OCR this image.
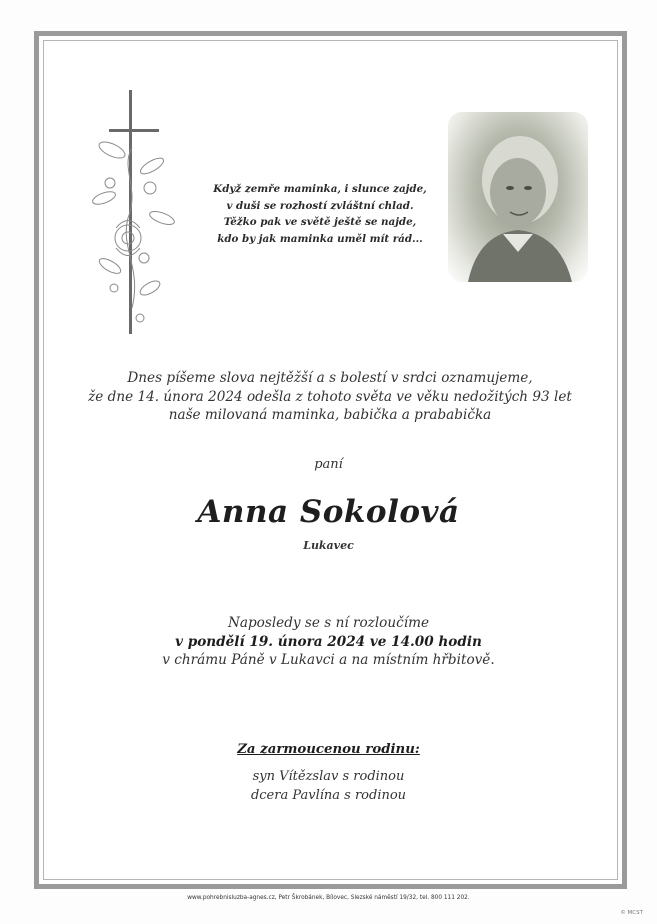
Když zemře maminka, i slunce zajde,
v duši se rozhostí zvláštní chlad.
Těžko pak ve světě ještě se najde,
kdo by jak maminka uměl mít rád...
Dnes píšeme slova nejtěžší a s bolestí v srdci oznamujeme,
že dne 14. února 2024 odešla z tohoto světa ve věku nedožitých 93 let
naše milovaná maminka, babička a prababička
paní
Anna Sokolová
Lukavec
Naposledy se s ní rozloučíme
v pondělí 19. února 2024 ve 14.00 hodin
v chrámu Páně v Lukavci a na místním hřbitově.
Za zarmoucenou rodinu:
syn Vítězslav s rodinou
dcera Pavlína s rodinou
www.pohrebnisluzba-agnes.cz, Petr Škrobánek, Bílovec, Slezské náměstí 19/32, tel. 800 111 202.
© MCST
